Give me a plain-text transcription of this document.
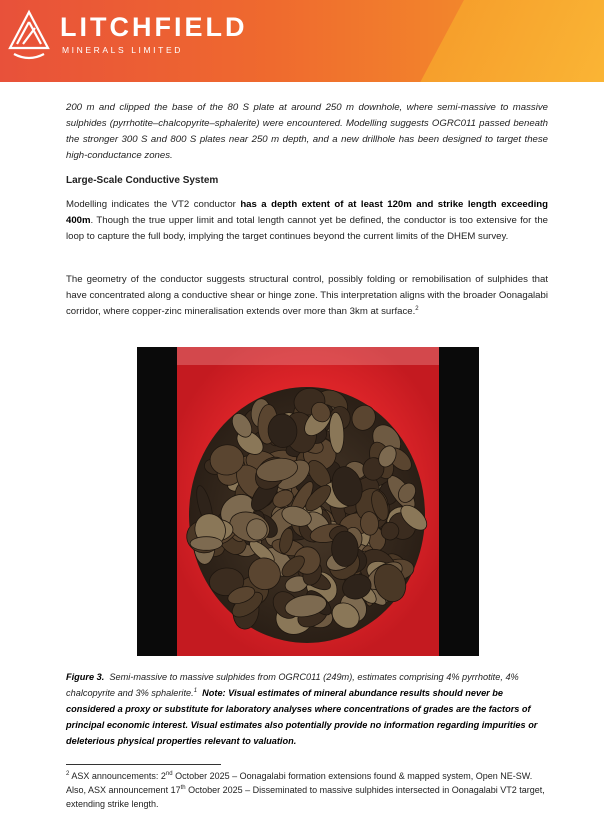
LITCHFIELD
MINERALS LIMITED

200 m and clipped the base of the 80 S plate at around 250 m downhole, where semi-massive to massive sulphides (pyrrhotite–chalcopyrite–sphalerite) were encountered. Modelling suggests OGRC011 passed beneath the stronger 300 S and 800 S plates near 250 m depth, and a new drillhole has been designed to target these high-conductance zones.

Large-Scale Conductive System

Modelling indicates the VT2 conductor has a depth extent of at least 120m and strike length exceeding 400m. Though the true upper limit and total length cannot yet be defined, the conductor is too extensive for the loop to capture the full body, implying the target continues beyond the current limits of the DHEM survey.

The geometry of the conductor suggests structural control, possibly folding or remobilisation of sulphides that have concentrated along a conductive shear or hinge zone. This interpretation aligns with the broader Oonagalabi corridor, where copper-zinc mineralisation extends over more than 3km at surface.$^2$

Figure 3. Semi-massive to massive sulphides from OGRC011 (249m), estimates comprising 4% pyrrhotite, 4% chalcopyrite and 3% sphalerite.$^1$ Note: Visual estimates of mineral abundance results should never be considered a proxy or substitute for laboratory analyses where concentrations of grades are the factors of principal economic interest. Visual estimates also potentially provide no information regarding impurities or deleterious physical properties relevant to valuation.

$^2$ ASX announcements: 2nd October 2025 – Oonagalabi formation extensions found & mapped system, Open NE-SW. Also, ASX announcement 17th October 2025 – Disseminated to massive sulphides intersected in Oonagalabi VT2 target, extending strike length.
